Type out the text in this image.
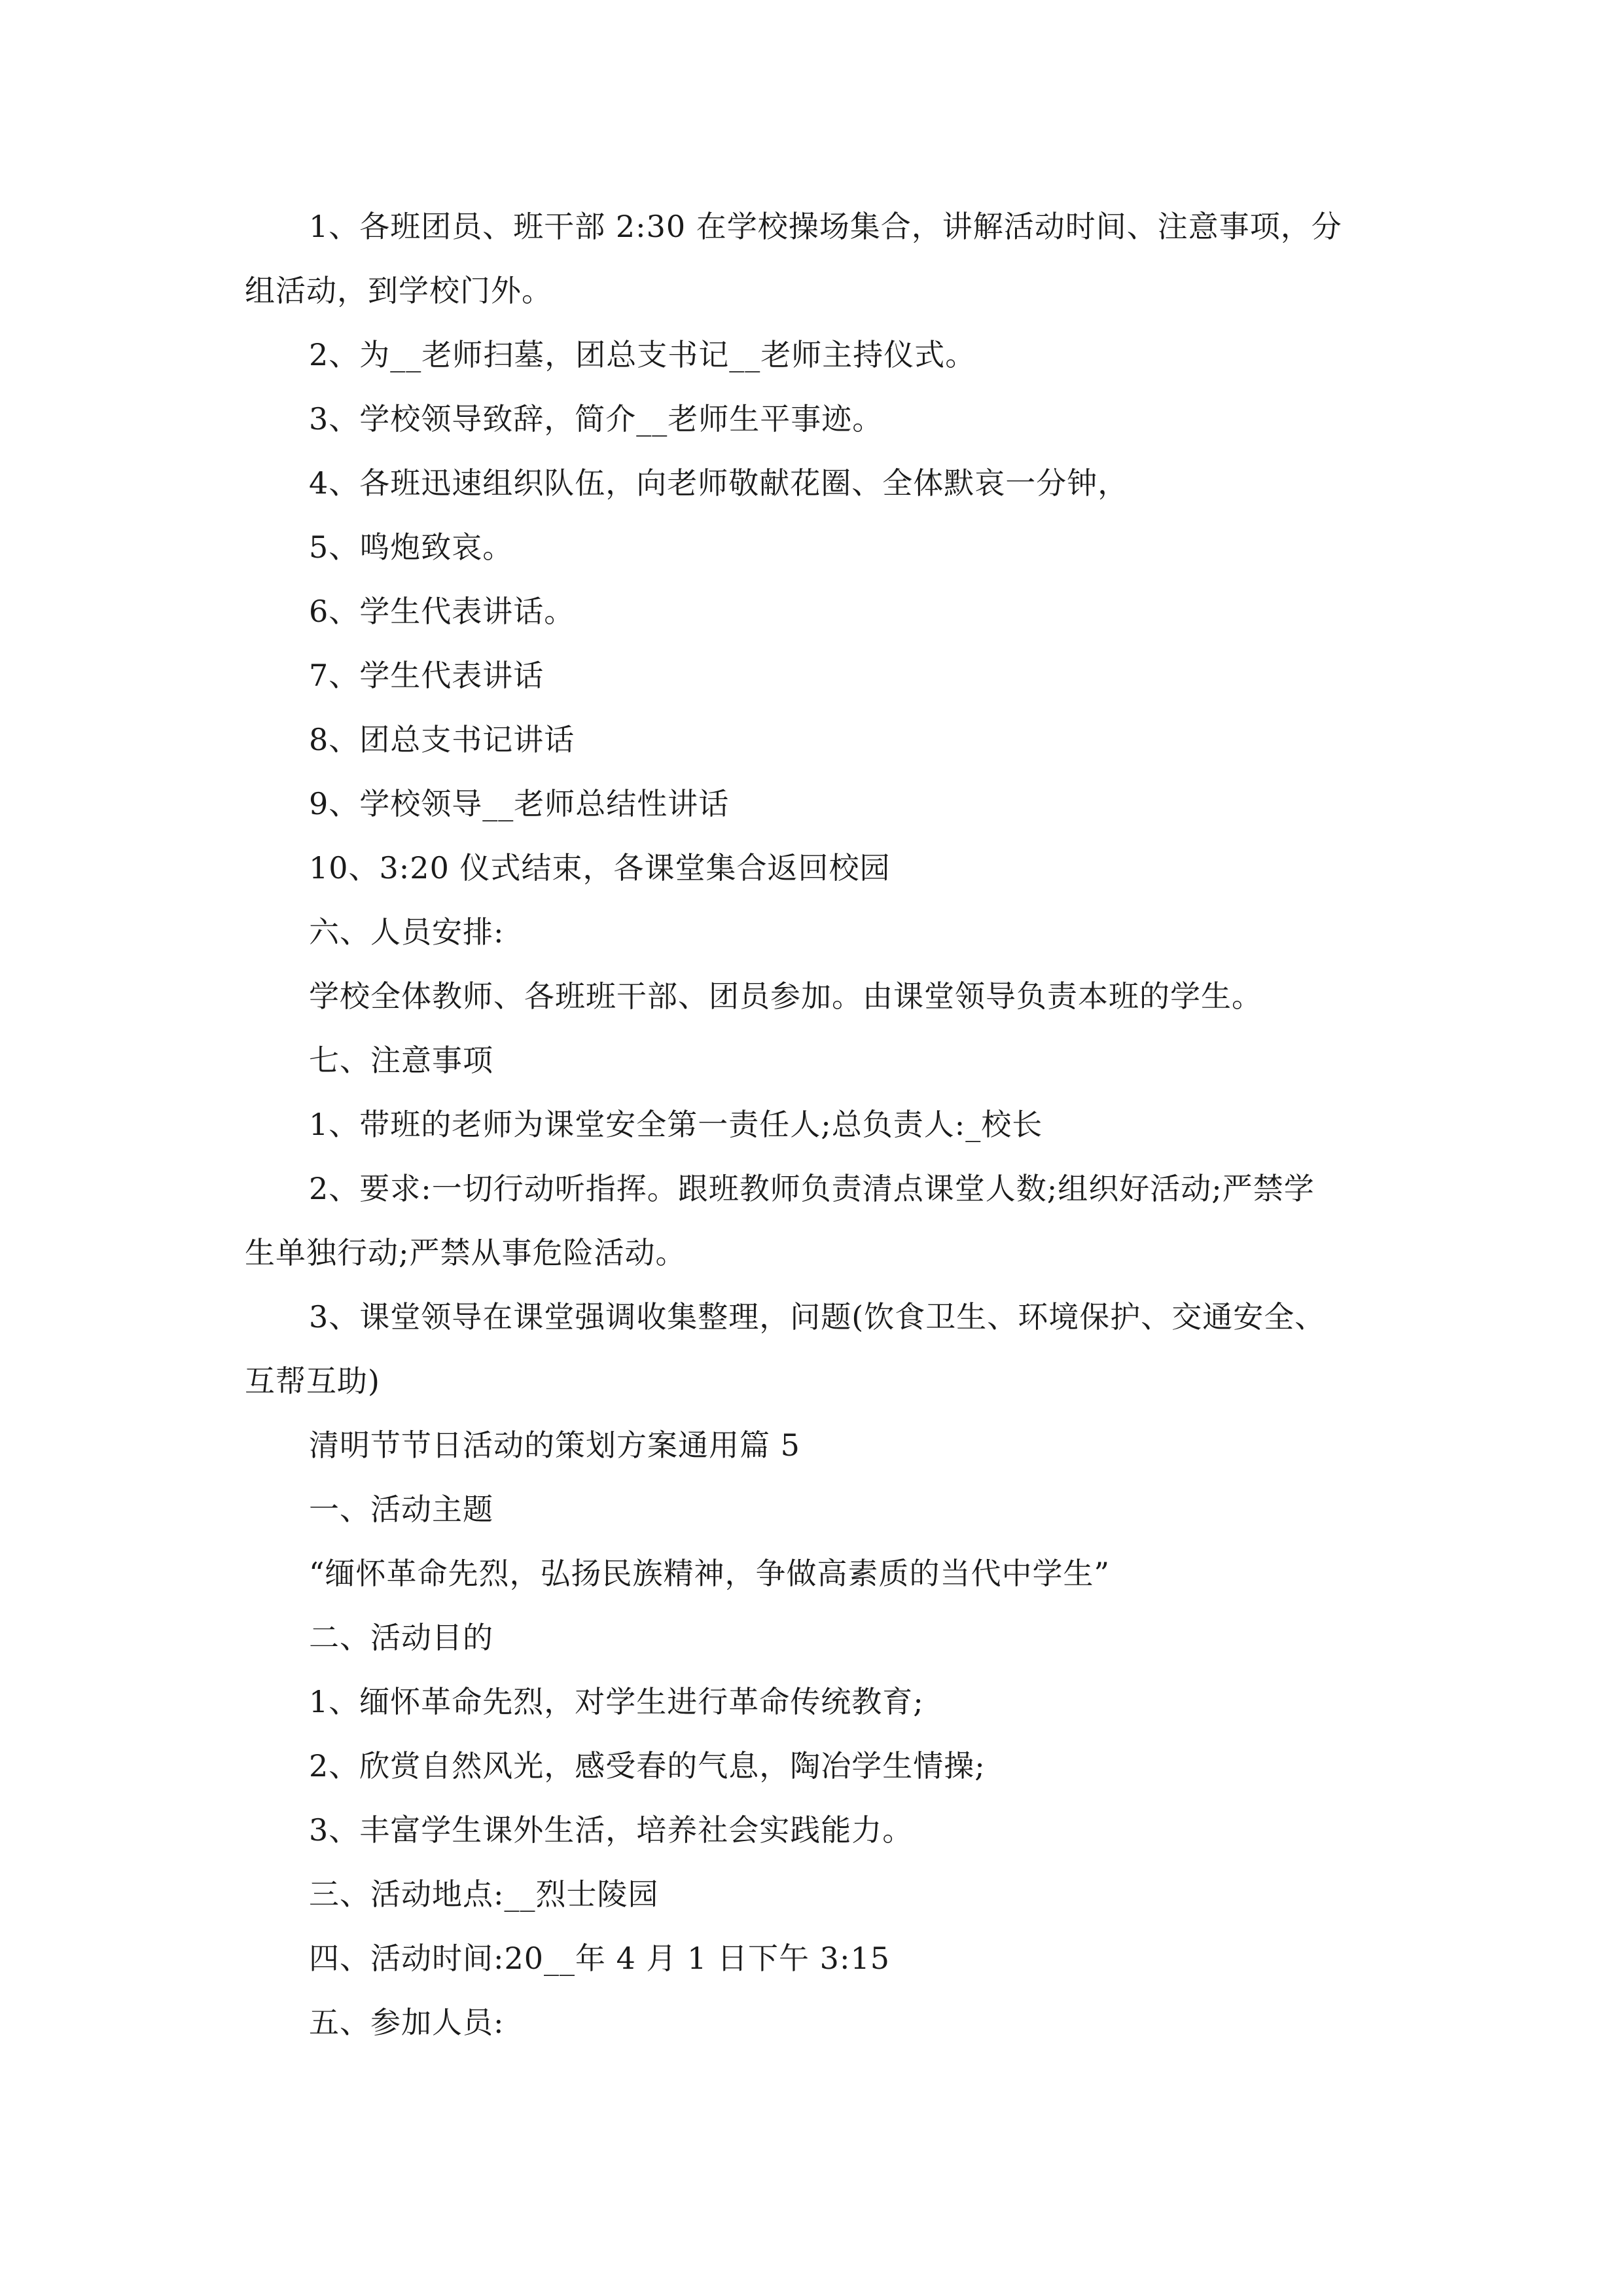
1、各班团员、班干部 2:30 在学校操场集合，讲解活动时间、注意事项，分
组活动，到学校门外。
2、为__老师扫墓，团总支书记__老师主持仪式。
3、学校领导致辞，简介__老师生平事迹。
4、各班迅速组织队伍，向老师敬献花圈、全体默哀一分钟，
5、鸣炮致哀。
6、学生代表讲话。
7、学生代表讲话
8、团总支书记讲话
9、学校领导__老师总结性讲话
10、3:20 仪式结束，各课堂集合返回校园
六、人员安排:
学校全体教师、各班班干部、团员参加。由课堂领导负责本班的学生。
七、注意事项
1、带班的老师为课堂安全第一责任人;总负责人:_校长
2、要求:一切行动听指挥。跟班教师负责清点课堂人数;组织好活动;严禁学
生单独行动;严禁从事危险活动。
3、课堂领导在课堂强调收集整理，问题(饮食卫生、环境保护、交通安全、
互帮互助)
清明节节日活动的策划方案通用篇 5
一、活动主题
“缅怀革命先烈，弘扬民族精神，争做高素质的当代中学生”
二、活动目的
1、缅怀革命先烈，对学生进行革命传统教育;
2、欣赏自然风光，感受春的气息，陶冶学生情操;
3、丰富学生课外生活，培养社会实践能力。
三、活动地点:__烈士陵园
四、活动时间:20__年 4 月 1 日下午 3:15
五、参加人员:
